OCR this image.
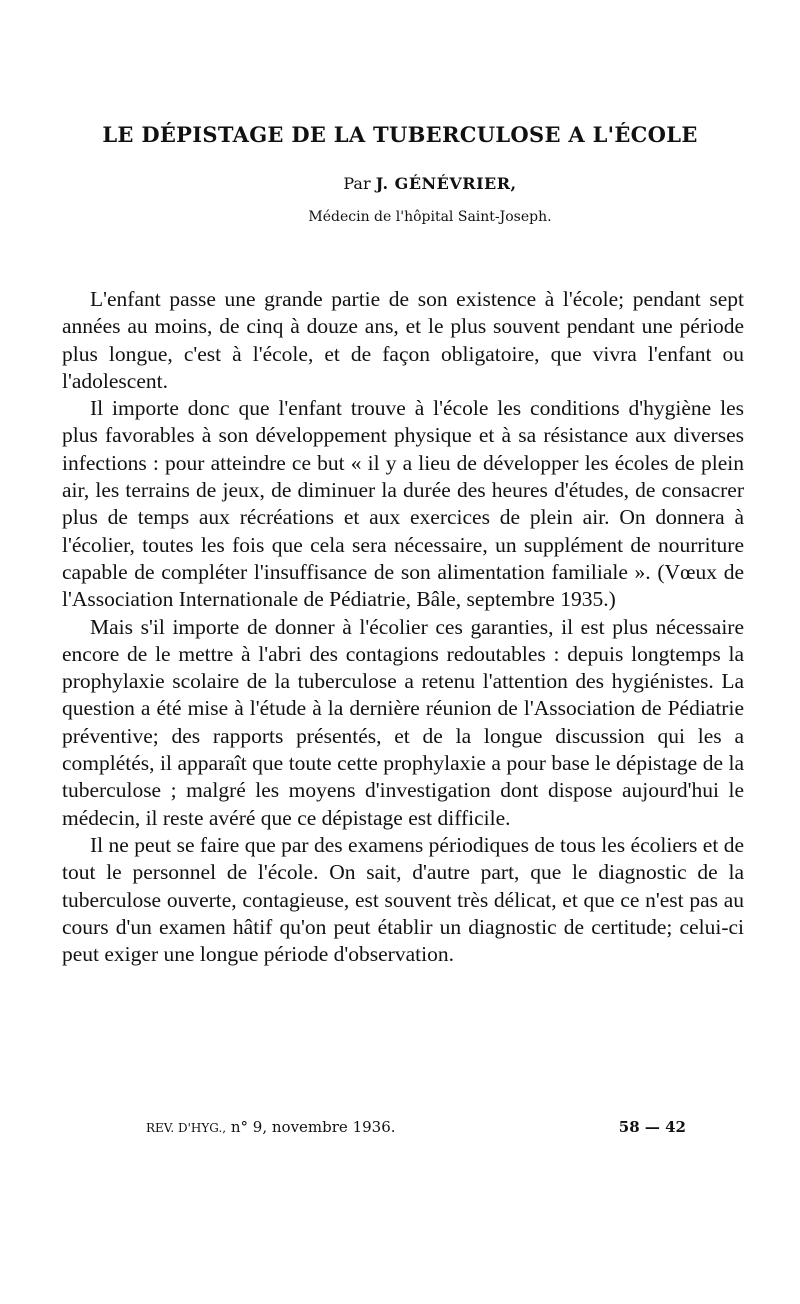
LE DÉPISTAGE DE LA TUBERCULOSE A L'ÉCOLE
Par J. GÉNÉVRIER,
Médecin de l'hôpital Saint-Joseph.

L'enfant passe une grande partie de son existence à l'école; pendant sept années au moins, de cinq à douze ans, et le plus souvent pendant une période plus longue, c'est à l'école, et de façon obligatoire, que vivra l'enfant ou l'adolescent.

Il importe donc que l'enfant trouve à l'école les conditions d'hygiène les plus favorables à son développement physique et à sa résistance aux diverses infections : pour atteindre ce but « il y a lieu de développer les écoles de plein air, les terrains de jeux, de diminuer la durée des heures d'études, de consacrer plus de temps aux récréations et aux exercices de plein air. On donnera à l'écolier, toutes les fois que cela sera nécessaire, un supplément de nourriture capable de compléter l'insuffisance de son alimentation familiale ». (Vœux de l'Association Internationale de Pédiatrie, Bâle, septembre 1935.)

Mais s'il importe de donner à l'écolier ces garanties, il est plus nécessaire encore de le mettre à l'abri des contagions redoutables : depuis longtemps la prophylaxie scolaire de la tuberculose a retenu l'attention des hygiénistes. La question a été mise à l'étude à la dernière réunion de l'Association de Pédiatrie préventive; des rapports présentés, et de la longue discussion qui les a complétés, il apparaît que toute cette prophylaxie a pour base le dépistage de la tuberculose ; malgré les moyens d'investigation dont dispose aujourd'hui le médecin, il reste avéré que ce dépistage est difficile.

Il ne peut se faire que par des examens périodiques de tous les écoliers et de tout le personnel de l'école. On sait, d'autre part, que le diagnostic de la tuberculose ouverte, contagieuse, est souvent très délicat, et que ce n'est pas au cours d'un examen hâtif qu'on peut établir un diagnostic de certitude; celui-ci peut exiger une longue période d'observation.

REV. D'HYG., n° 9, novembre 1936.	58 — 42
